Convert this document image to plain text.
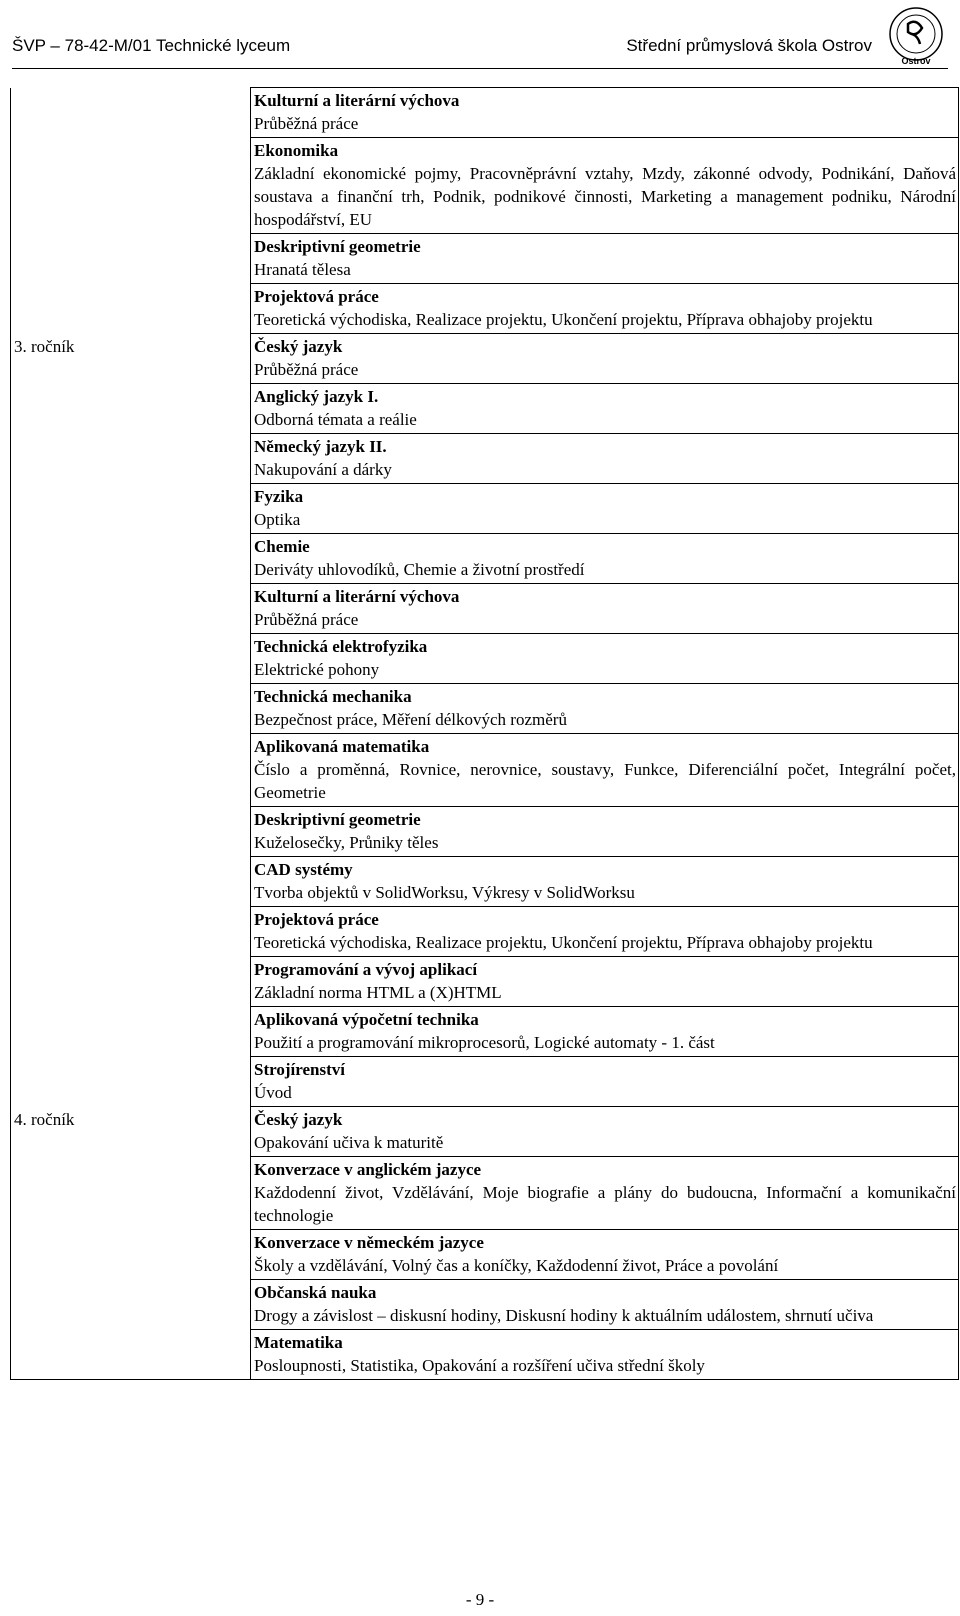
ŠVP – 78-42-M/01 Technické lyceum	Střední průmyslová škola Ostrov
Ostrov

	Kulturní a literární výchova
Průběžná práce

	Ekonomika
Základní ekonomické pojmy, Pracovněprávní vztahy, Mzdy, zákonné odvody, Podnikání, Daňová soustava a finanční trh, Podnik, podnikové činnosti, Marketing a management podniku, Národní hospodářství, EU

	Deskriptivní geometrie
Hranatá tělesa

	Projektová práce
Teoretická východiska, Realizace projektu, Ukončení projektu, Příprava obhajoby projektu

3. ročník	Český jazyk
Průběžná práce

	Anglický jazyk I.
Odborná témata a reálie

	Německý jazyk II.
Nakupování a dárky

	Fyzika
Optika

	Chemie
Deriváty uhlovodíků, Chemie a životní prostředí

	Kulturní a literární výchova
Průběžná práce

	Technická elektrofyzika
Elektrické pohony

	Technická mechanika
Bezpečnost práce, Měření délkových rozměrů

	Aplikovaná matematika
Číslo a proměnná, Rovnice, nerovnice, soustavy, Funkce, Diferenciální počet, Integrální počet, Geometrie

	Deskriptivní geometrie
Kuželosečky, Průniky těles

	CAD systémy
Tvorba objektů v SolidWorksu, Výkresy v SolidWorksu

	Projektová práce
Teoretická východiska, Realizace projektu, Ukončení projektu, Příprava obhajoby projektu

	Programování a vývoj aplikací
Základní norma HTML a (X)HTML

	Aplikovaná výpočetní technika
Použití a programování mikroprocesorů, Logické automaty - 1. část

	Strojírenství
Úvod

4. ročník	Český jazyk
Opakování učiva k maturitě

	Konverzace v anglickém jazyce
Každodenní život, Vzdělávání, Moje biografie a plány do budoucna, Informační a komunikační technologie

	Konverzace v německém jazyce
Školy a vzdělávání, Volný čas a koníčky, Každodenní život, Práce a povolání

	Občanská nauka
Drogy a závislost – diskusní hodiny, Diskusní hodiny k aktuálním událostem, shrnutí učiva

	Matematika
Posloupnosti, Statistika, Opakování a rozšíření učiva střední školy
- 9 -
